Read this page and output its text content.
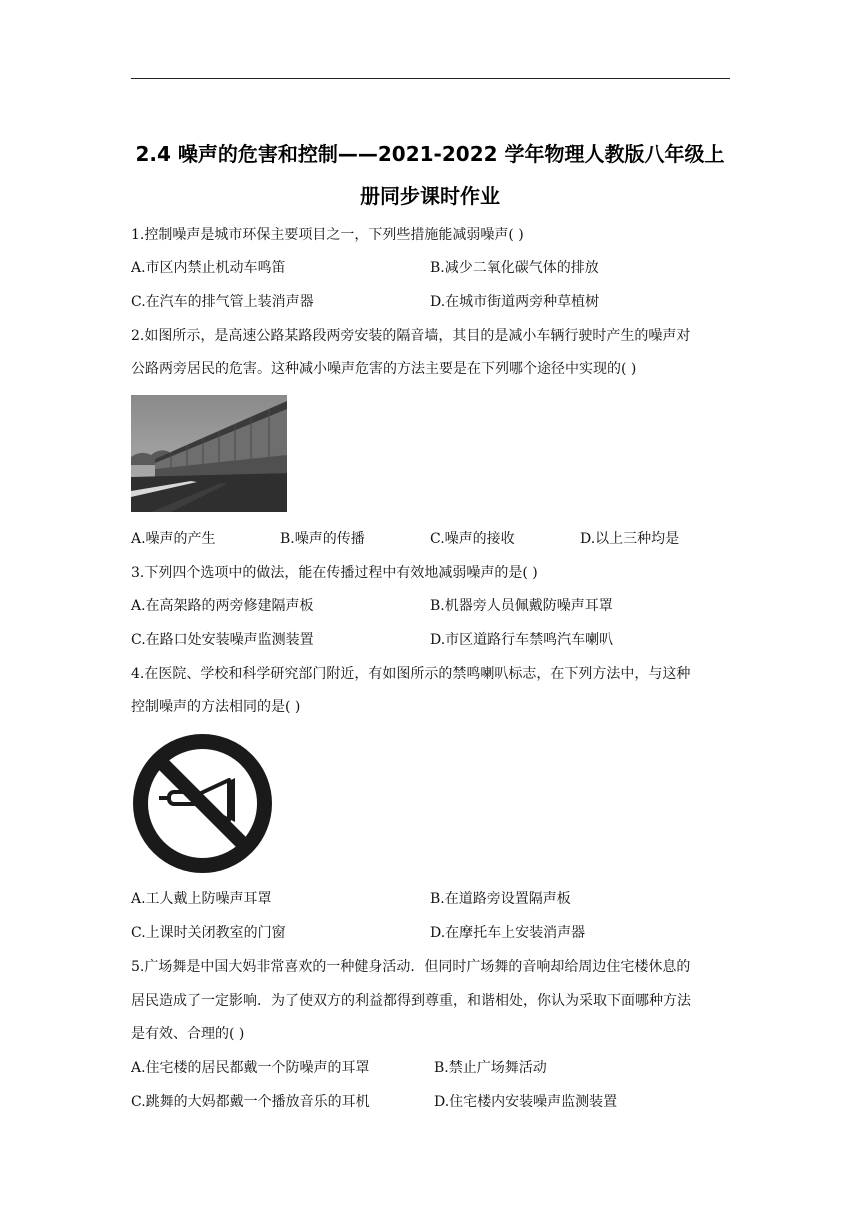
2.4 噪声的危害和控制——2021-2022 学年物理人教版八年级上
册同步课时作业
1.控制噪声是城市环保主要项目之一，下列些措施能减弱噪声( )
A.市区内禁止机动车鸣笛	B.减少二氧化碳气体的排放
C.在汽车的排气管上装消声器	D.在城市街道两旁种草植树
2.如图所示，是高速公路某路段两旁安装的隔音墙，其目的是减小车辆行驶时产生的噪声对
公路两旁居民的危害。这种减小噪声危害的方法主要是在下列哪个途径中实现的( )
A.噪声的产生	B.噪声的传播	C.噪声的接收	D.以上三种均是
3.下列四个选项中的做法，能在传播过程中有效地减弱噪声的是( )
A.在高架路的两旁修建隔声板	B.机器旁人员佩戴防噪声耳罩
C.在路口处安装噪声监测装置	D.市区道路行车禁鸣汽车喇叭
4.在医院、学校和科学研究部门附近，有如图所示的禁鸣喇叭标志，在下列方法中，与这种
控制噪声的方法相同的是( )
A.工人戴上防噪声耳罩	B.在道路旁设置隔声板
C.上课时关闭教室的门窗	D.在摩托车上安装消声器
5.广场舞是中国大妈非常喜欢的一种健身活动．但同时广场舞的音响却给周边住宅楼休息的
居民造成了一定影响．为了使双方的利益都得到尊重，和谐相处，你认为采取下面哪种方法
是有效、合理的( )
A.住宅楼的居民都戴一个防噪声的耳罩	B.禁止广场舞活动
C.跳舞的大妈都戴一个播放音乐的耳机	D.住宅楼内安装噪声监测装置
